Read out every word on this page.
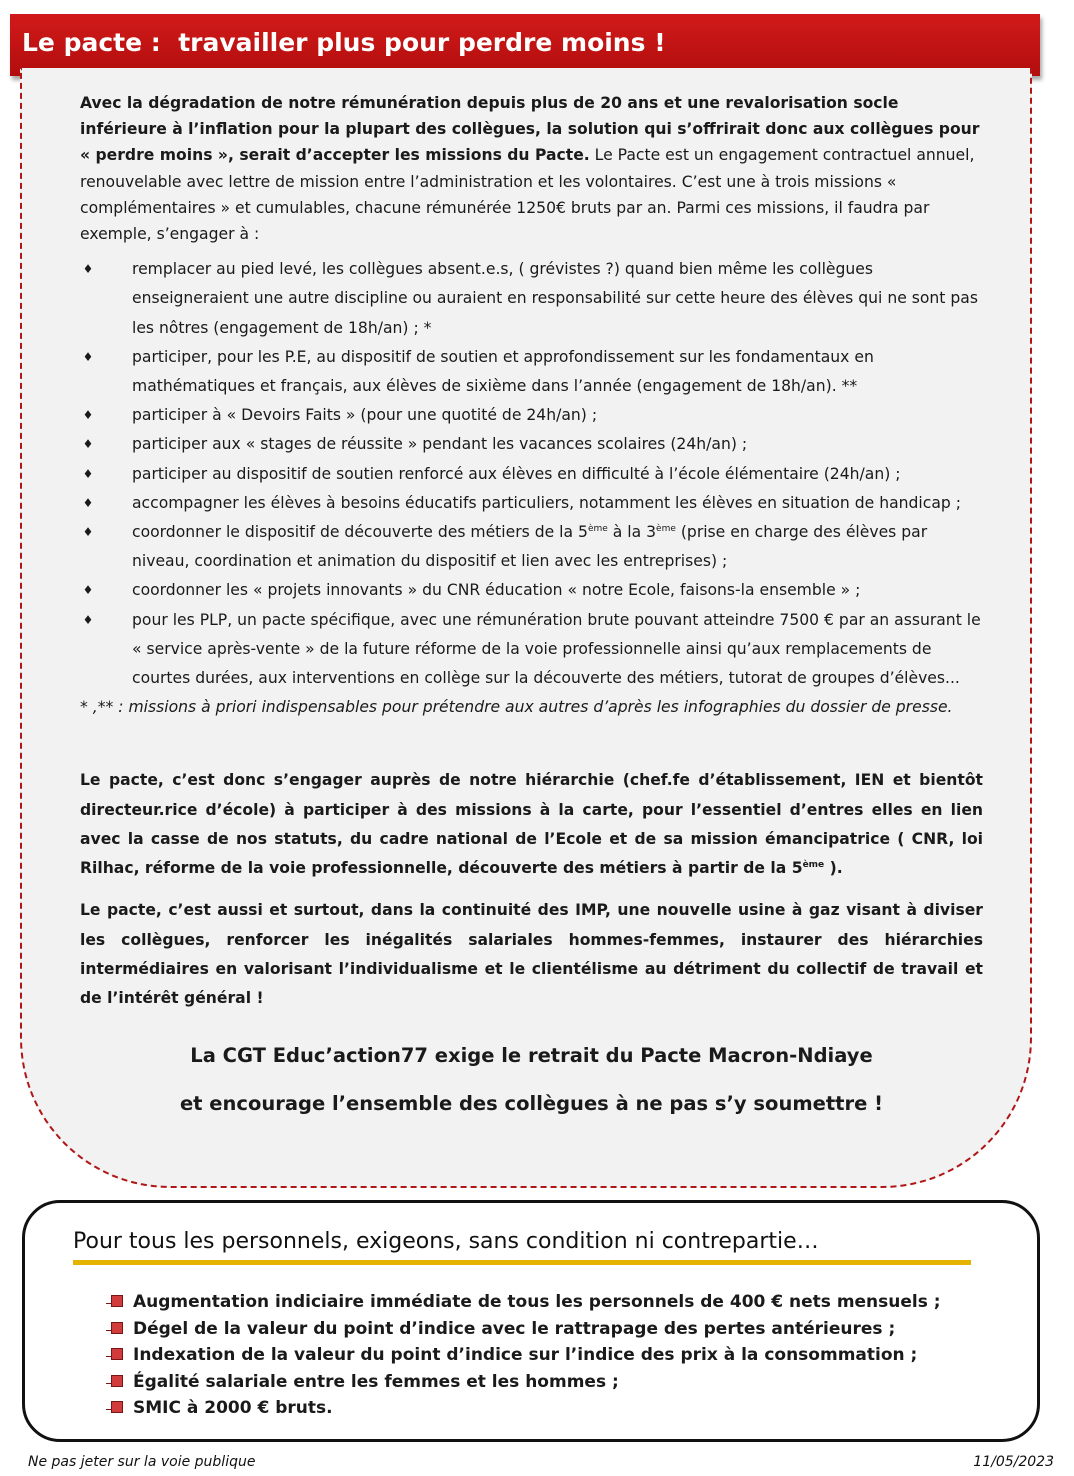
Le pacte :  travailler plus pour perdre moins !

Avec la dégradation de notre rémunération depuis plus de 20 ans et une revalorisation socle inférieure à l’inflation pour la plupart des collègues, la solution qui s’offrirait donc aux collègues pour « perdre moins », serait d’accepter les missions du Pacte. Le Pacte est un engagement contractuel annuel, renouvelable avec lettre de mission entre l’administration et les volontaires. C’est une à trois missions « complémentaires » et cumulables, chacune rémunérée 1250€ bruts par an. Parmi ces missions, il faudra par exemple, s’engager à :

♦ remplacer au pied levé, les collègues absent.e.s, ( grévistes ?) quand bien même les collègues enseigneraient une autre discipline ou auraient en responsabilité sur cette heure des élèves qui ne sont pas les nôtres (engagement de 18h/an) ; *
♦ participer, pour les P.E, au dispositif de soutien et approfondissement sur les fondamentaux en mathématiques et français, aux élèves de sixième dans l’année (engagement de 18h/an). **
♦ participer à « Devoirs Faits » (pour une quotité de 24h/an) ;
♦ participer aux « stages de réussite » pendant les vacances scolaires (24h/an) ;
♦ participer au dispositif de soutien renforcé aux élèves en difficulté à l’école élémentaire (24h/an) ;
♦ accompagner les élèves à besoins éducatifs particuliers, notamment les élèves en situation de handicap ;
♦ coordonner le dispositif de découverte des métiers de la 5ème à la 3ème (prise en charge des élèves par niveau, coordination et animation du dispositif et lien avec les entreprises) ;
♦ coordonner les « projets innovants » du CNR éducation « notre Ecole, faisons-la ensemble » ;
♦ pour les PLP, un pacte spécifique, avec une rémunération brute pouvant atteindre 7500 € par an assurant le « service après-vente » de la future réforme de la voie professionnelle ainsi qu’aux remplacements de courtes durées, aux interventions en collège sur la découverte des métiers, tutorat de groupes d’élèves...
* ,** : missions à priori indispensables pour prétendre aux autres d’après les infographies du dossier de presse.

Le pacte, c’est donc s’engager auprès de notre hiérarchie (chef.fe d’établissement, IEN et bientôt directeur.rice d’école) à participer à des missions à la carte, pour l’essentiel d’entres elles en lien avec la casse de nos statuts, du cadre national de l’Ecole et de sa mission émancipatrice ( CNR, loi Rilhac, réforme de la voie professionnelle, découverte des métiers à partir de la 5ème ).

Le pacte, c’est aussi et surtout, dans la continuité des IMP, une nouvelle usine à gaz visant à diviser les collègues, renforcer les inégalités salariales hommes-femmes, instaurer des hiérarchies intermédiaires en valorisant l’individualisme et le clientélisme au détriment du collectif de travail et de l’intérêt général !

La CGT Educ’action77 exige le retrait du Pacte Macron-Ndiaye
et encourage l’ensemble des collègues à ne pas s’y soumettre !
Pour tous les personnels, exigeons, sans condition ni contrepartie…
Augmentation indiciaire immédiate de tous les personnels de 400 € nets mensuels ;
Dégel de la valeur du point d’indice avec le rattrapage des pertes antérieures ;
Indexation de la valeur du point d’indice sur l’indice des prix à la consommation ;
Égalité salariale entre les femmes et les hommes ;
SMIC à 2000 € bruts.
Ne pas jeter sur la voie publique	11/05/2023
